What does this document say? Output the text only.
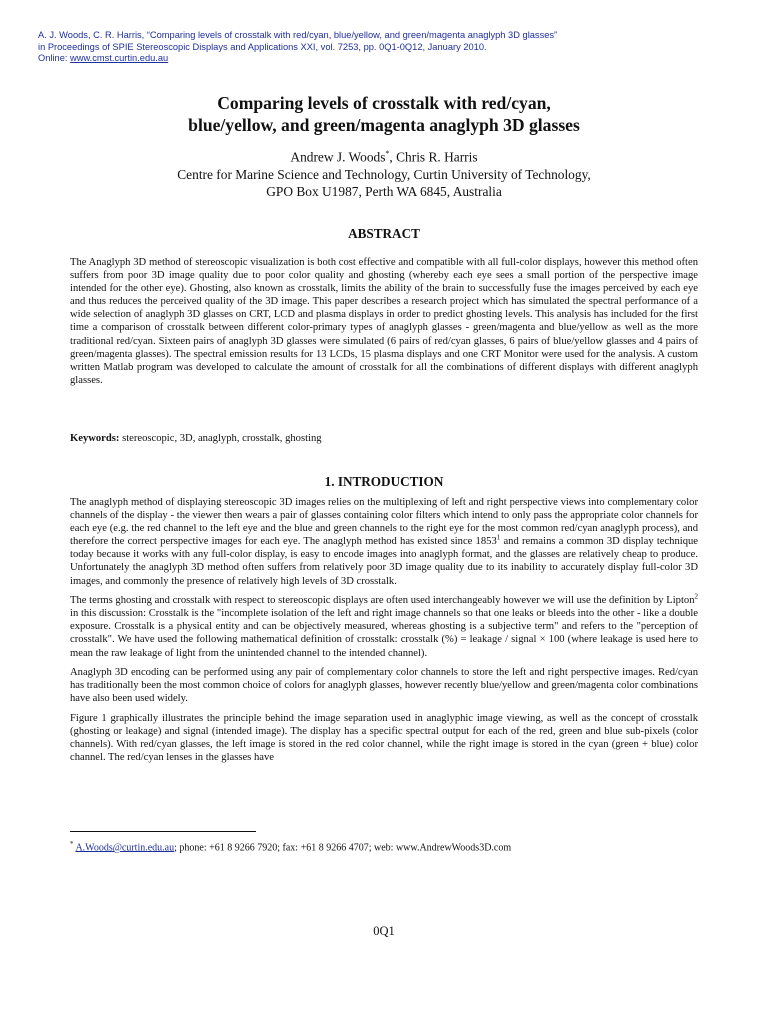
A. J. Woods, C. R. Harris, “Comparing levels of crosstalk with red/cyan, blue/yellow, and green/magenta anaglyph 3D glasses”
in Proceedings of SPIE Stereoscopic Displays and Applications XXI, vol. 7253, pp. 0Q1-0Q12, January 2010.
Online: www.cmst.curtin.edu.au
Comparing levels of crosstalk with red/cyan,
blue/yellow, and green/magenta anaglyph 3D glasses
Andrew J. Woods*, Chris R. Harris
Centre for Marine Science and Technology, Curtin University of Technology,
GPO Box U1987, Perth WA 6845, Australia
ABSTRACT

The Anaglyph 3D method of stereoscopic visualization is both cost effective and compatible with all full-color displays, however this method often suffers from poor 3D image quality due to poor color quality and ghosting (whereby each eye sees a small portion of the perspective image intended for the other eye). Ghosting, also known as crosstalk, limits the ability of the brain to successfully fuse the images perceived by each eye and thus reduces the perceived quality of the 3D image. This paper describes a research project which has simulated the spectral performance of a wide selection of anaglyph 3D glasses on CRT, LCD and plasma displays in order to predict ghosting levels. This analysis has included for the first time a comparison of crosstalk between different color-primary types of anaglyph glasses - green/magenta and blue/yellow as well as the more traditional red/cyan. Sixteen pairs of anaglyph 3D glasses were simulated (6 pairs of red/cyan glasses, 6 pairs of blue/yellow glasses and 4 pairs of green/magenta glasses). The spectral emission results for 13 LCDs, 15 plasma displays and one CRT Monitor were used for the analysis. A custom written Matlab program was developed to calculate the amount of crosstalk for all the combinations of different displays with different anaglyph glasses.

Keywords: stereoscopic, 3D, anaglyph, crosstalk, ghosting

1. INTRODUCTION

The anaglyph method of displaying stereoscopic 3D images relies on the multiplexing of left and right perspective views into complementary color channels of the display - the viewer then wears a pair of glasses containing color filters which intend to only pass the appropriate color channels for each eye (e.g. the red channel to the left eye and the blue and green channels to the right eye for the most common red/cyan anaglyph process), and therefore the correct perspective images for each eye. The anaglyph method has existed since 1853$^1$ and remains a common 3D display technique today because it works with any full-color display, is easy to encode images into anaglyph format, and the glasses are relatively cheap to produce. Unfortunately the anaglyph 3D method often suffers from relatively poor 3D image quality due to its inability to accurately display full-color 3D images, and commonly the presence of relatively high levels of 3D crosstalk.

The terms ghosting and crosstalk with respect to stereoscopic displays are often used interchangeably however we will use the definition by Lipton$^2$ in this discussion: Crosstalk is the "incomplete isolation of the left and right image channels so that one leaks or bleeds into the other - like a double exposure. Crosstalk is a physical entity and can be objectively measured, whereas ghosting is a subjective term" and refers to the "perception of crosstalk". We have used the following mathematical definition of crosstalk: crosstalk (%) = leakage / signal × 100 (where leakage is used here to mean the raw leakage of light from the unintended channel to the intended channel).

Anaglyph 3D encoding can be performed using any pair of complementary color channels to store the left and right perspective images. Red/cyan has traditionally been the most common choice of colors for anaglyph glasses, however recently blue/yellow and green/magenta color combinations have also been used widely.

Figure 1 graphically illustrates the principle behind the image separation used in anaglyphic image viewing, as well as the concept of crosstalk (ghosting or leakage) and signal (intended image). The display has a specific spectral output for each of the red, green and blue sub-pixels (color channels). With red/cyan glasses, the left image is stored in the red color channel, while the right image is stored in the cyan (green + blue) color channel. The red/cyan lenses in the glasses have

* A.Woods@curtin.edu.au; phone: +61 8 9266 7920; fax: +61 8 9266 4707; web: www.AndrewWoods3D.com
0Q1
